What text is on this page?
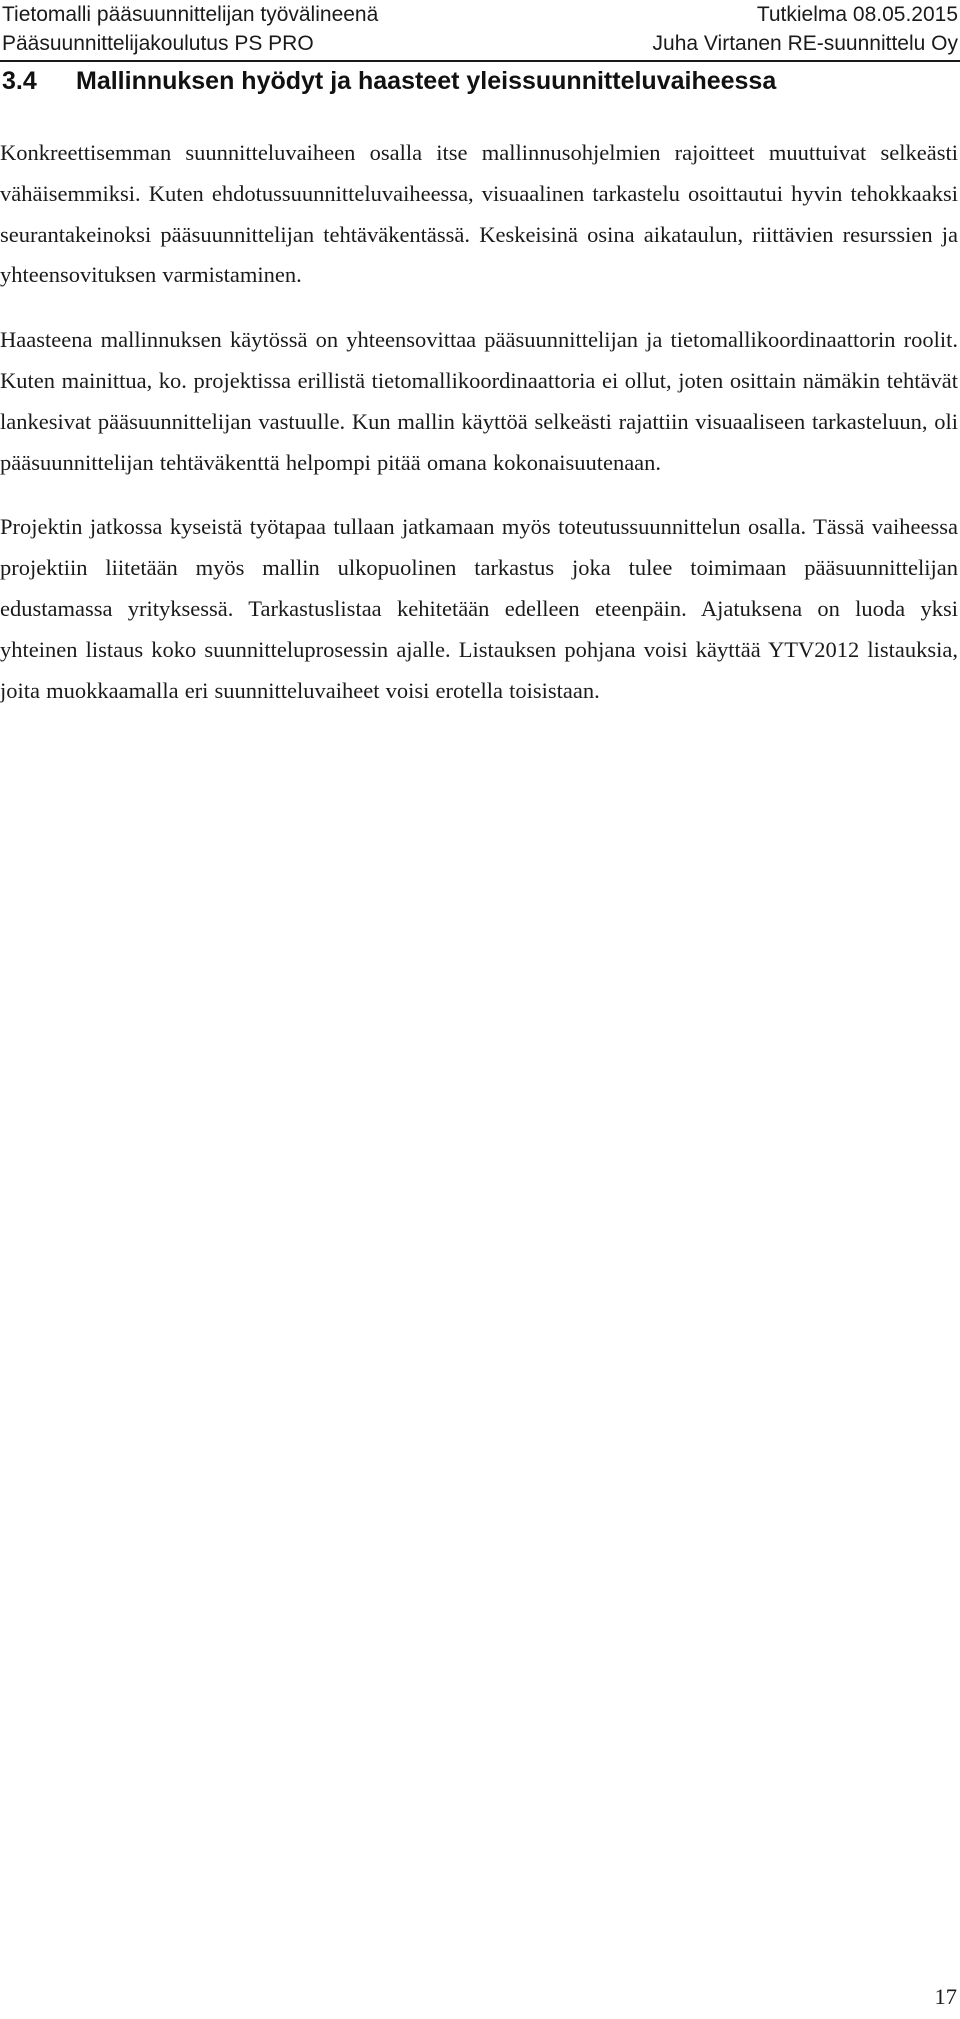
Tietomalli pääsuunnittelijan työvälineenä	Tutkielma 08.05.2015
Pääsuunnittelijakoulutus PS PRO	Juha Virtanen RE-suunnittelu Oy
3.4 Mallinnuksen hyödyt ja haasteet yleissuunnitteluvaiheessa

Konkreettisemman suunnitteluvaiheen osalla itse mallinnusohjelmien rajoitteet muuttuivat selkeästi vähäisemmiksi. Kuten ehdotussuunnitteluvaiheessa, visuaalinen tarkastelu osoittautui hyvin tehokkaaksi seurantakeinoksi pääsuunnittelijan tehtäväkentässä. Keskeisinä osina aikataulun, riittävien resurssien ja yhteensovituksen varmistaminen.

Haasteena mallinnuksen käytössä on yhteensovittaa pääsuunnittelijan ja tietomallikoordinaattorin roolit. Kuten mainittua, ko. projektissa erillistä tietomallikoordinaattoria ei ollut, joten osittain nämäkin tehtävät lankesivat pääsuunnittelijan vastuulle. Kun mallin käyttöä selkeästi rajattiin visuaaliseen tarkasteluun, oli pääsuunnittelijan tehtäväkenttä helpompi pitää omana kokonaisuutenaan.

Projektin jatkossa kyseistä työtapaa tullaan jatkamaan myös toteutussuunnittelun osalla. Tässä vaiheessa projektiin liitetään myös mallin ulkopuolinen tarkastus joka tulee toimimaan pääsuunnittelijan edustamassa yrityksessä. Tarkastuslistaa kehitetään edelleen eteenpäin. Ajatuksena on luoda yksi yhteinen listaus koko suunnitteluprosessin ajalle. Listauksen pohjana voisi käyttää YTV2012 listauksia, joita muokkaamalla eri suunnitteluvaiheet voisi erotella toisistaan.

17
